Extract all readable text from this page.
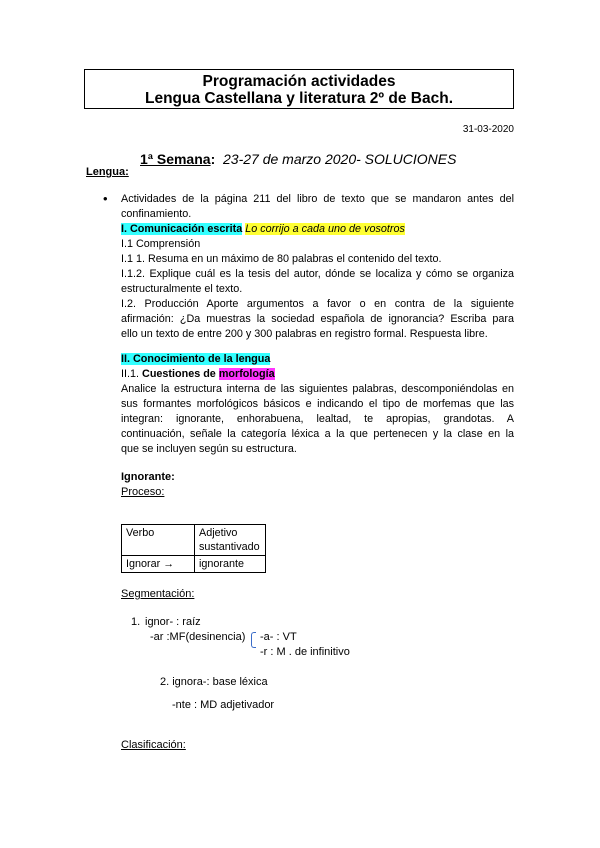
Programación actividades
Lengua Castellana y literatura 2º de Bach.
31-03-2020
1ª Semana: 23-27 de marzo 2020- SOLUCIONES
Lengua:
• Actividades de la página 211 del libro de texto que se mandaron antes del
confinamiento.
I. Comunicación escrita Lo corrijo a cada uno de vosotros
I.1 Comprensión
I.1 1. Resuma en un máximo de 80 palabras el contenido del texto.
I.1.2. Explique cuál es la tesis del autor, dónde se localiza y cómo se organiza
estructuralmente el texto.
I.2. Producción Aporte argumentos a favor o en contra de la siguiente
afirmación: ¿Da muestras la sociedad española de ignorancia? Escriba para
ello un texto de entre 200 y 300 palabras en registro formal. Respuesta libre.
II. Conocimiento de la lengua
II.1. Cuestiones de morfología
Analice la estructura interna de las siguientes palabras, descomponiéndolas en
sus formantes morfológicos básicos e indicando el tipo de morfemas que las
integran: ignorante, enhorabuena, lealtad, te apropias, grandotas. A
continuación, señale la categoría léxica a la que pertenecen y la clase en la
que se incluyen según su estructura.
Ignorante:
Proceso:
Verbo	Adjetivo
sustantivado

Ignorar →	ignorante
Segmentación:
1. ignor- : raíz
-ar :MF(desinencia) -a- : VT
-r : M . de infinitivo
2. ignora-: base léxica
-nte : MD adjetivador
Clasificación:
